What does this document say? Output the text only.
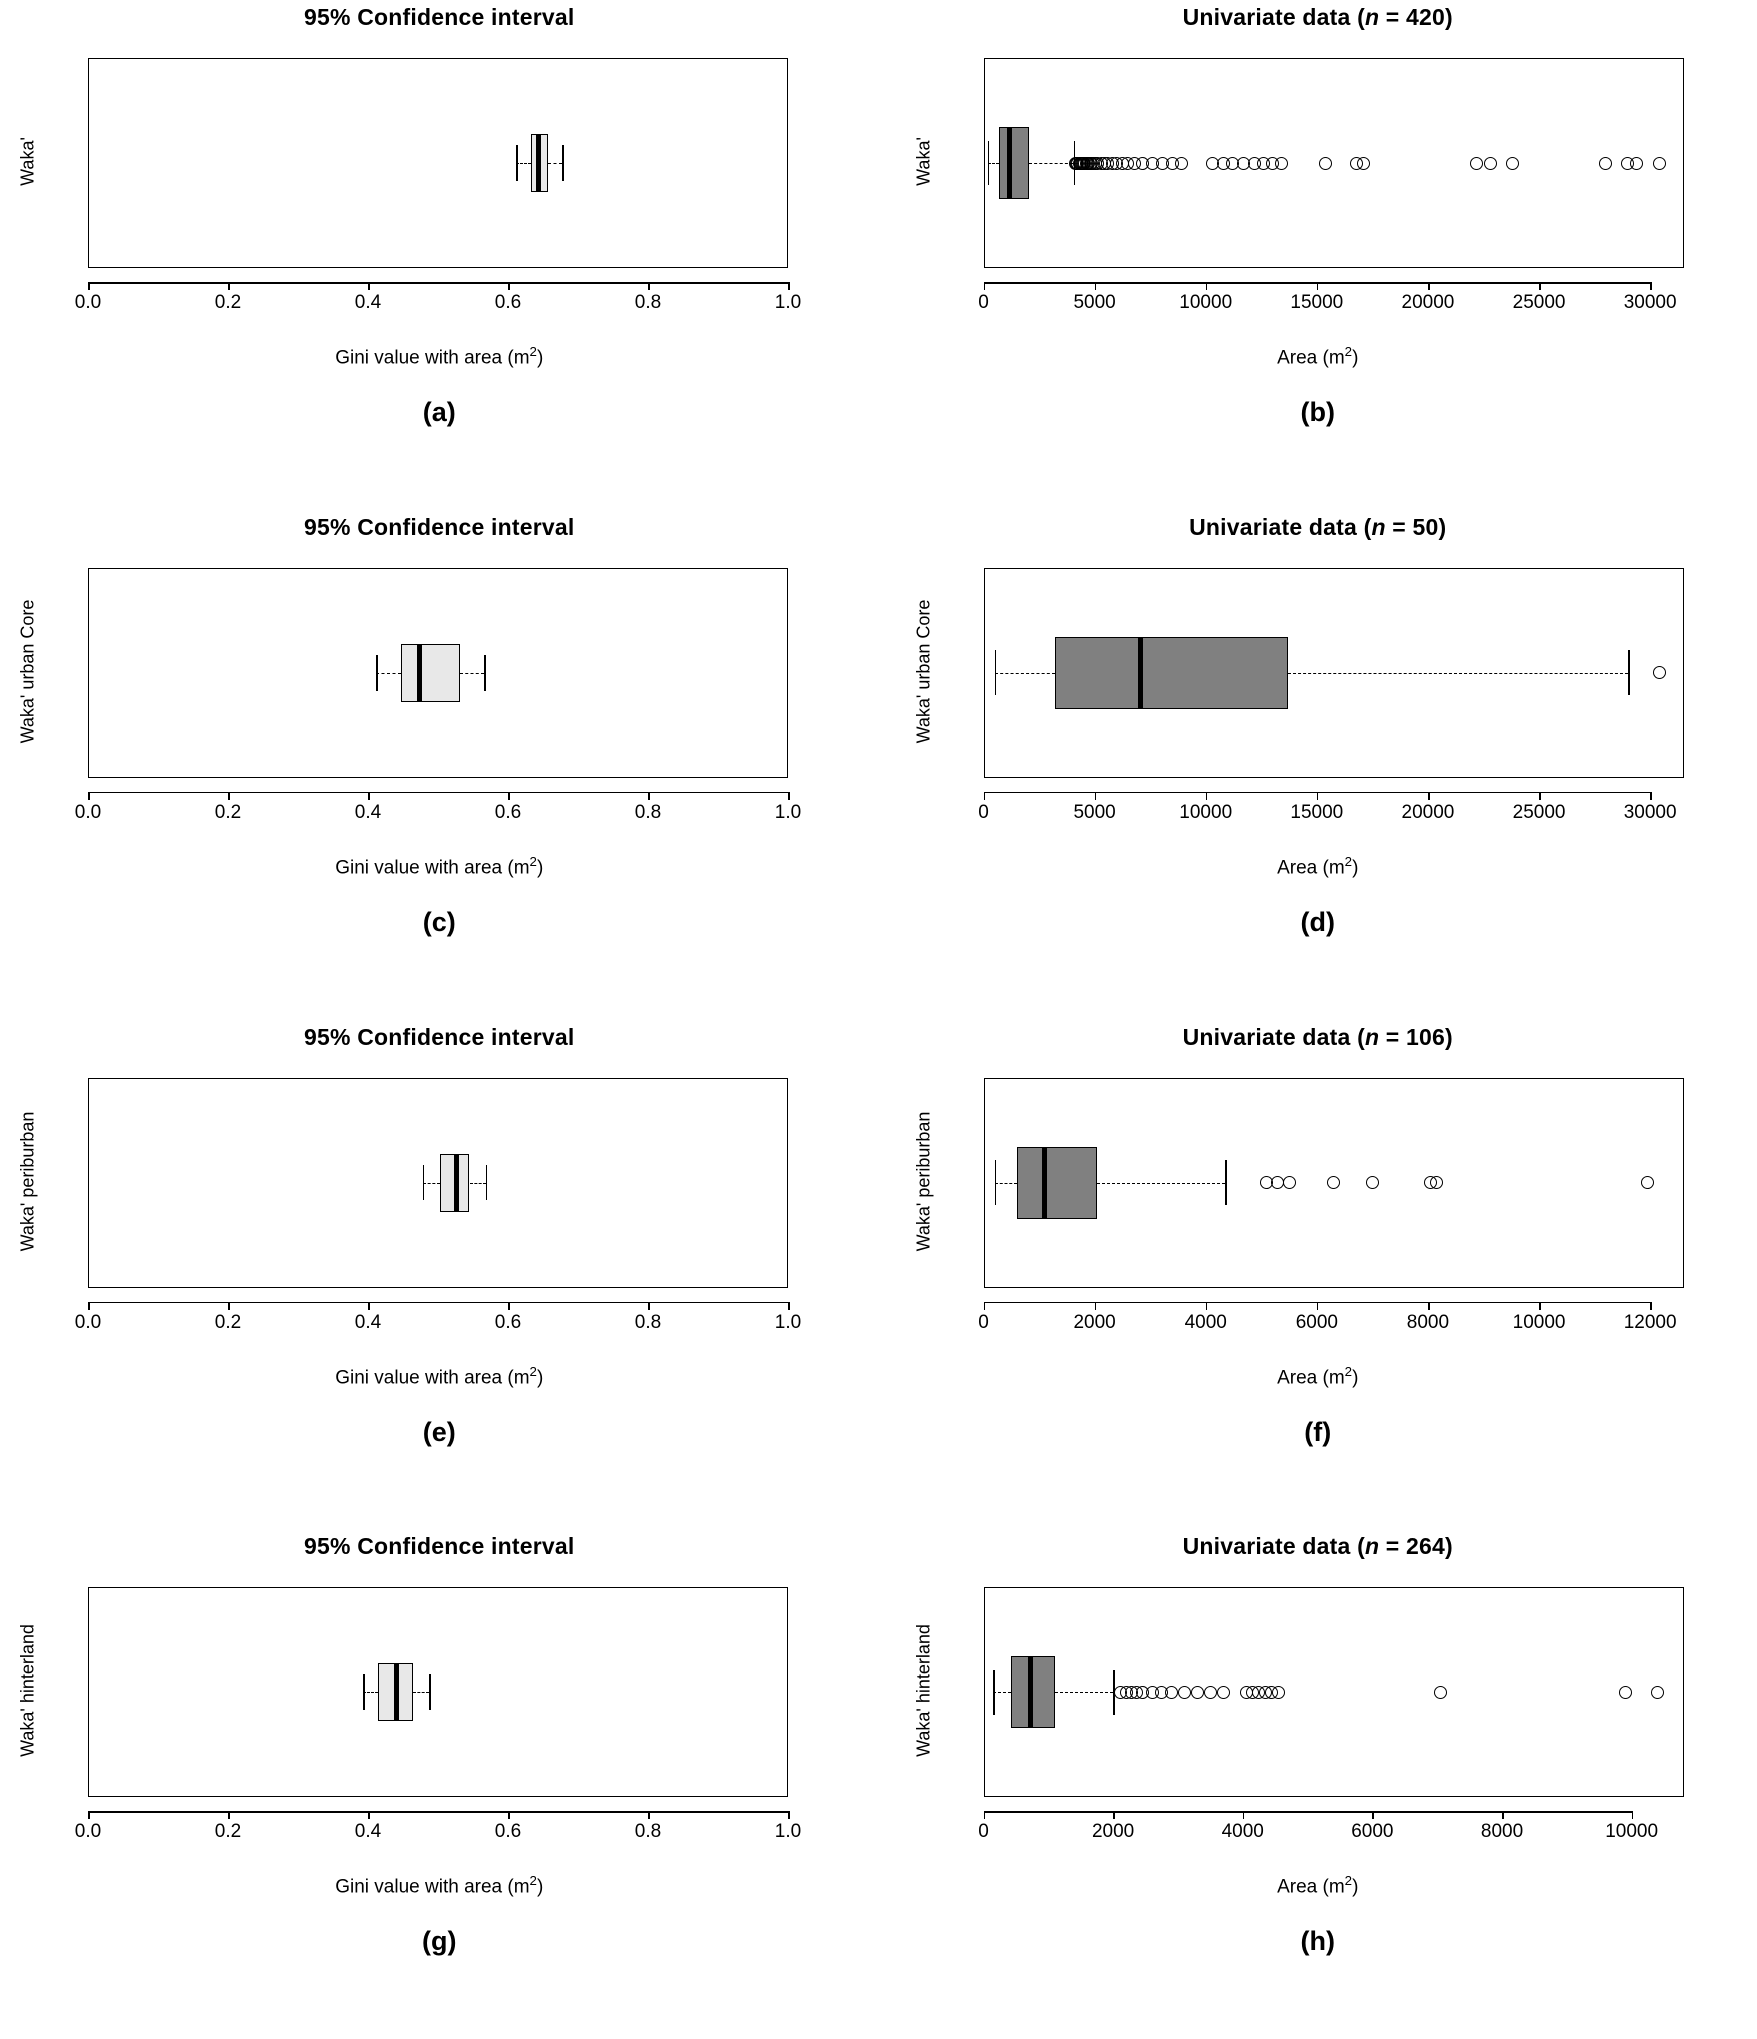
95% Confidence interval
Waka'
0.0	0.2	0.4	0.6	0.8	1.0
Gini value with area $(m^2)$
(a)
Univariate data (n = 420)
Waka'
0	5000	10000	15000	20000	25000	30000
Area $(m^2)$
(b)
95% Confidence interval
Waka' urban Core
0.0	0.2	0.4	0.6	0.8	1.0
Gini value with area $(m^2)$
(c)
Univariate data (n = 50)
Waka' urban Core
0	5000	10000	15000	20000	25000	30000
Area $(m^2)$
(d)
95% Confidence interval
Waka' periburban
0.0	0.2	0.4	0.6	0.8	1.0
Gini value with area $(m^2)$
(e)
Univariate data (n = 106)
Waka' periburban
0	2000	4000	6000	8000	10000	12000
Area $(m^2)$
(f)
95% Confidence interval
Waka' hinterland
0.0	0.2	0.4	0.6	0.8	1.0
Gini value with area $(m^2)$
(g)
Univariate data (n = 264)
Waka' hinterland
0	2000	4000	6000	8000	10000
Area $(m^2)$
(h)
